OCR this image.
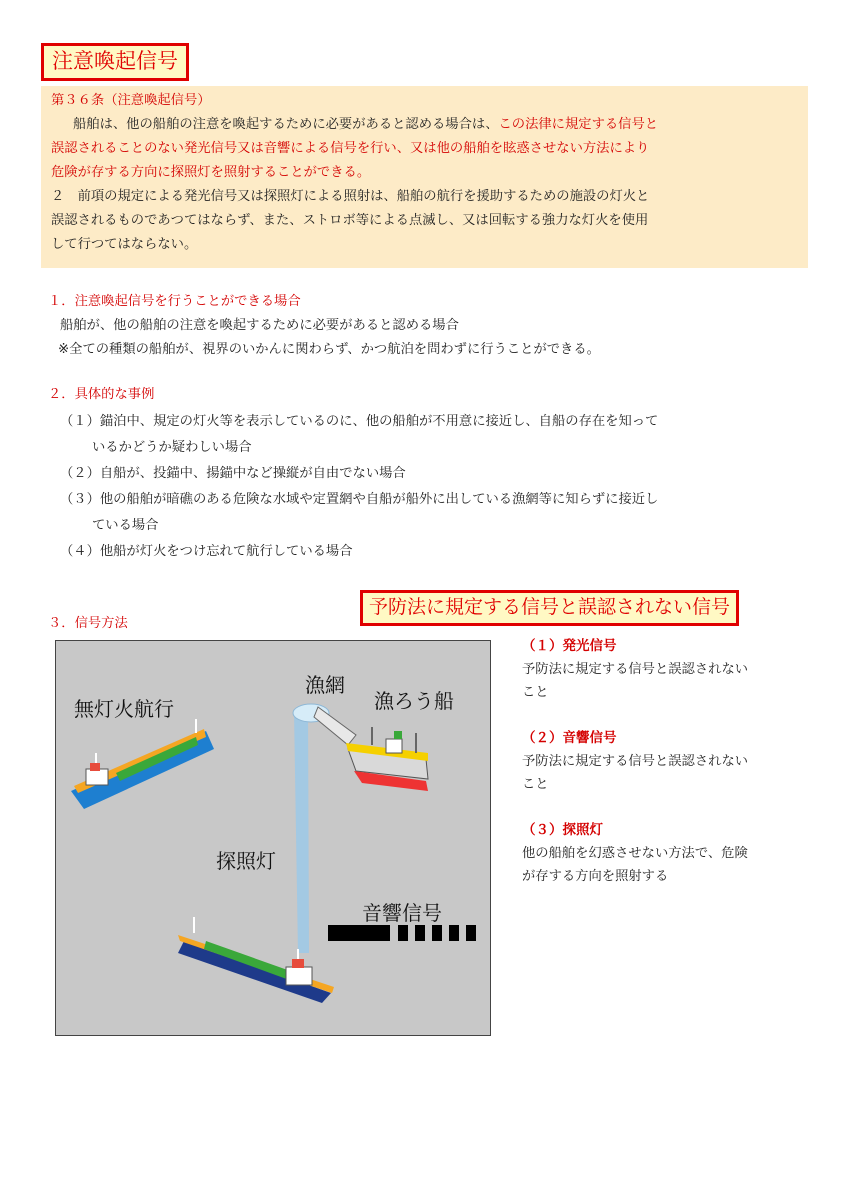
注意喚起信号

第３６条（注意喚起信号）

船舶は、他の船舶の注意を喚起するために必要があると認める場合は、この法律に規定する信号と

誤認されることのない発光信号又は音響による信号を行い、又は他の船舶を眩惑させない方法により

危険が存する方向に探照灯を照射することができる。

２　前項の規定による発光信号又は探照灯による照射は、船舶の航行を援助するための施設の灯火と

誤認されるものであつてはならず、また、ストロボ等による点滅し、又は回転する強力な灯火を使用

して行つてはならない。

１．注意喚起信号を行うことができる場合
船舶が、他の船舶の注意を喚起するために必要があると認める場合
※全ての種類の船舶が、視界のいかんに関わらず、かつ航泊を問わずに行うことができる。
２．具体的な事例
（１）錨泊中、規定の灯火等を表示しているのに、他の船舶が不用意に接近し、自船の存在を知って
いるかどうか疑わしい場合
（２）自船が、投錨中、揚錨中など操縦が自由でない場合
（３）他の船舶が暗礁のある危険な水域や定置網や自船が船外に出している漁網等に知らずに接近し
ている場合
（４）他船が灯火をつけ忘れて航行している場合
予防法に規定する信号と誤認されない信号
３．信号方法
無灯火航行
漁網
漁ろう船
探照灯
音響信号

（１）発光信号

予防法に規定する信号と誤認されない

こと

（２）音響信号

予防法に規定する信号と誤認されない

こと

（３）探照灯

他の船舶を幻惑させない方法で、危険

が存する方向を照射する
